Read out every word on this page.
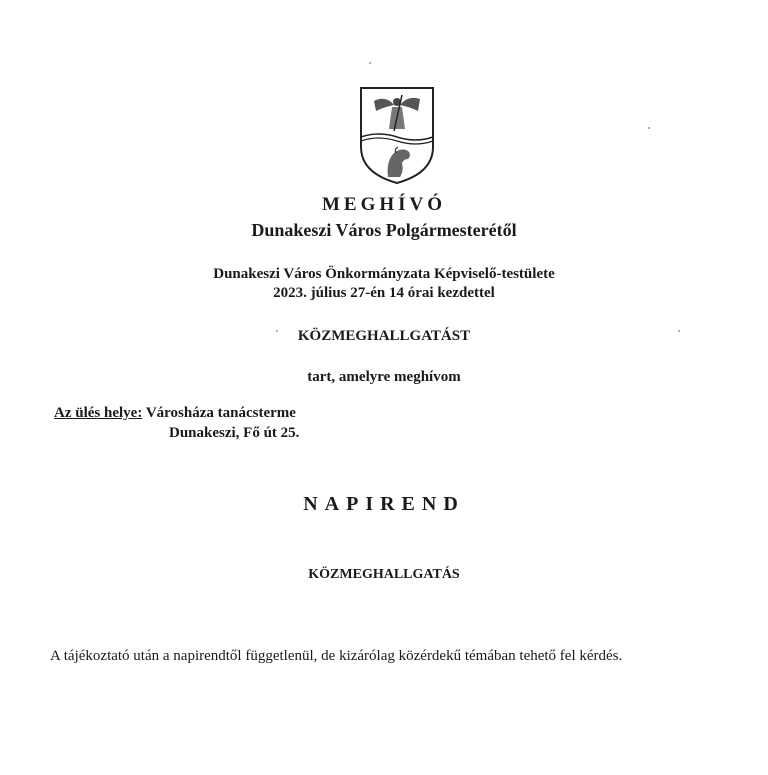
MEGHÍVÓ
Dunakeszi Város Polgármesterétől
Dunakeszi Város Önkormányzata Képviselő-testülete
2023. július 27-én 14 órai kezdettel
KÖZMEGHALLGATÁST
tart, amelyre meghívom
Az ülés helye: Városháza tanácsterme
Dunakeszi, Fő út 25.
NAPIREND
KÖZMEGHALLGATÁS
A tájékoztató után a napirendtől függetlenül, de kizárólag közérdekű témában tehető fel kérdés.
